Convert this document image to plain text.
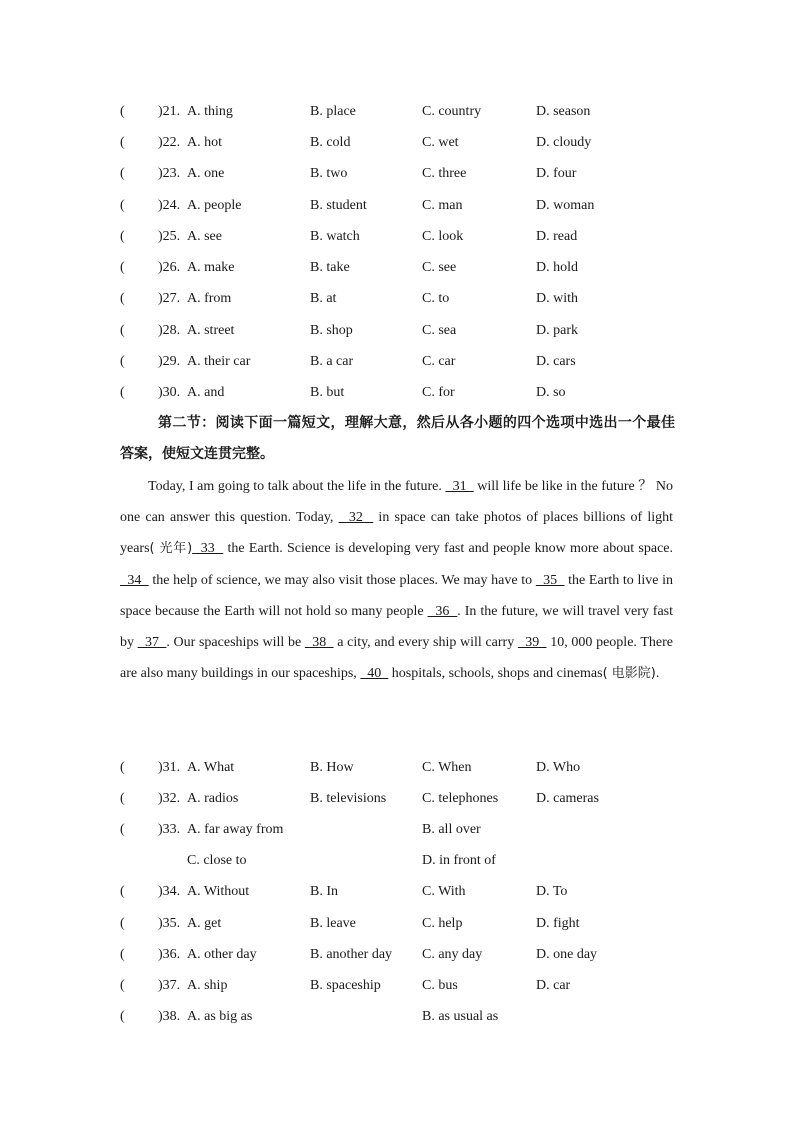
( )21. A. thing	B. place	C. country	D. season
( )22. A. hot	B. cold	C. wet	D. cloudy
( )23. A. one	B. two	C. three	D. four
( )24. A. people	B. student	C. man	D. woman
( )25. A. see	B. watch	C. look	D. read
( )26. A. make	B. take	C. see	D. hold
( )27. A. from	B. at	C. to	D. with
( )28. A. street	B. shop	C. sea	D. park
( )29. A. their car	B. a car	C. car	D. cars
( )30. A. and	B. but	C. for	D. so
第二节：阅读下面一篇短文，理解大意，然后从各小题的四个选项中选出一个最佳答案，使短文连贯完整。
Today, I am going to talk about the life in the future.   31   will life be like in the future ？ No one can answer this question. Today,   32   in space can take photos of places billions of light years( 光年)  33   the Earth. Science is developing very fast and people know more about space.   34   the help of science, we may also visit those places. We may have to   35   the Earth to live in space because the Earth will not hold so many people   36  . In the future, we will travel very fast by   37  . Our spaceships will be   38   a city, and every ship will carry   39   10, 000 people. There are also many buildings in our spaceships,   40   hospitals, schools, shops and cinemas( 电影院).
( )31. A. What	B. How	C. When	D. Who
( )32. A. radios	B. televisions	C. telephones	D. cameras
( )33. A. far away from	B. all over
C. close to	D. in front of
( )34. A. Without	B. In	C. With	D. To
( )35. A. get	B. leave	C. help	D. fight
( )36. A. other day	B. another day C. any day	D. one day
( )37. A. ship	B. spaceship	C. bus	D. car
( )38. A. as big as	B. as usual as
